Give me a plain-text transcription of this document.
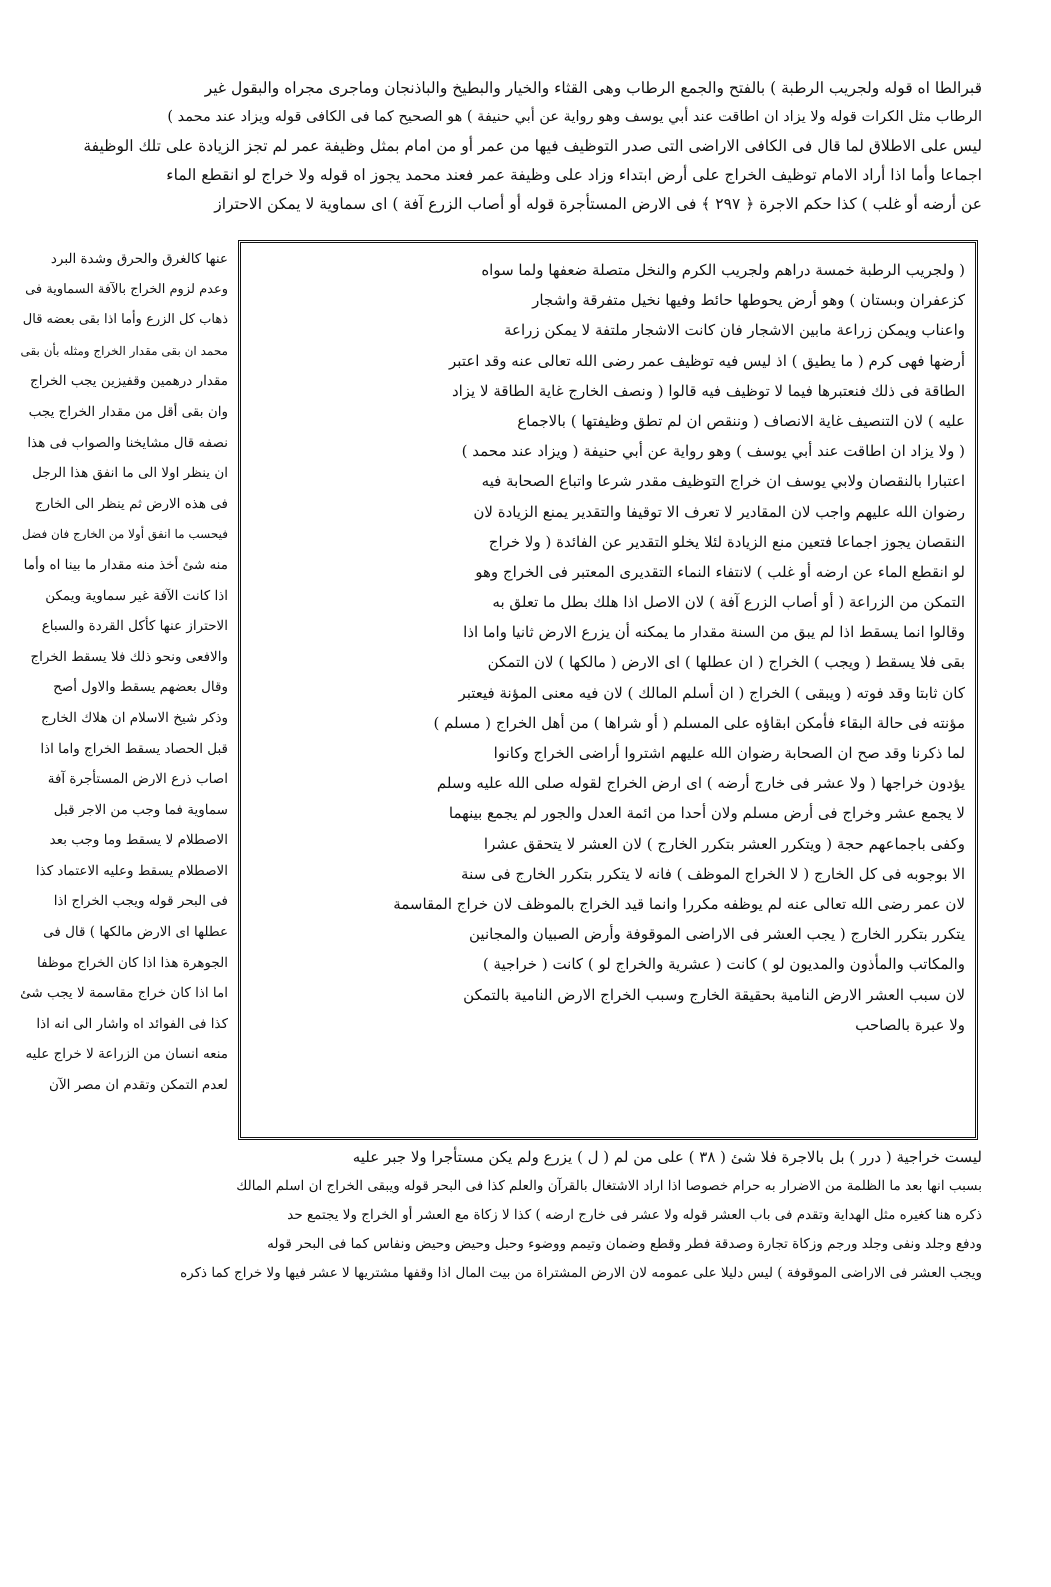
قبرالطا اه قوله ولجريب الرطبة ) بالفتح والجمع الرطاب وهى القثاء والخيار والبطيخ والباذنجان وماجرى مجراه والبقول غير
الرطاب مثل الكرات قوله ولا يزاد ان اطاقت عند أبي يوسف وهو رواية عن أبي حنيفة ) هو الصحيح كما فى الكافى قوله ويزاد عند محمد )
ليس على الاطلاق لما قال فى الكافى الاراضى التى صدر التوظيف فيها من عمر أو من امام بمثل وظيفة عمر لم تجز الزيادة على تلك الوظيفة
اجماعا وأما اذا أراد الامام توظيف الخراج على أرض ابتداء وزاد على وظيفة عمر فعند محمد يجوز اه قوله ولا خراج لو انقطع الماء
عن أرضه أو غلب ) كذا حكم الاجرة ﴿ ٢٩٧ ﴾ فى الارض المستأجرة قوله أو أصاب الزرع آفة ) اى سماوية لا يمكن الاحتراز
( ولجريب الرطبة خمسة دراهم ولجريب الكرم والنخل متصلة ضعفها ولما سواه
كزعفران وبستان ) وهو أرض يحوطها حائط وفيها نخيل متفرقة واشجار
واعناب ويمكن زراعة مابين الاشجار فان كانت الاشجار ملتفة لا يمكن زراعة
أرضها فهى كرم ( ما يطيق ) اذ ليس فيه توظيف عمر رضى الله تعالى عنه وقد اعتبر
الطاقة فى ذلك فنعتبرها فيما لا توظيف فيه قالوا ( ونصف الخارج غاية الطاقة لا يزاد
عليه ) لان التنصيف غاية الانصاف ( وننقص ان لم تطق وظيفتها ) بالاجماع
( ولا يزاد ان اطاقت عند أبي يوسف ) وهو رواية عن أبي حنيفة ( ويزاد عند محمد )
اعتبارا بالنقصان ولابي يوسف ان خراج التوظيف مقدر شرعا واتباع الصحابة فيه
رضوان الله عليهم واجب لان المقادير لا تعرف الا توقيفا والتقدير يمنع الزيادة لان
النقصان يجوز اجماعا فتعين منع الزيادة لئلا يخلو التقدير عن الفائدة ( ولا خراج
لو انقطع الماء عن ارضه أو غلب ) لانتفاء النماء التقديرى المعتبر فى الخراج وهو
التمكن من الزراعة ( أو أصاب الزرع آفة ) لان الاصل اذا هلك بطل ما تعلق به
وقالوا انما يسقط اذا لم يبق من السنة مقدار ما يمكنه أن يزرع الارض ثانيا واما اذا
بقى فلا يسقط ( ويجب ) الخراج ( ان عطلها ) اى الارض ( مالكها ) لان التمكن
كان ثابتا وقد فوته ( ويبقى ) الخراج ( ان أسلم المالك ) لان فيه معنى المؤنة فيعتبر
مؤنته فى حالة البقاء فأمكن ابقاؤه على المسلم ( أو شراها ) من أهل الخراج ( مسلم )
لما ذكرنا وقد صح ان الصحابة رضوان الله عليهم اشتروا أراضى الخراج وكانوا
يؤدون خراجها ( ولا عشر فى خارج أرضه ) اى ارض الخراج لقوله صلى الله عليه وسلم
لا يجمع عشر وخراج فى أرض مسلم ولان أحدا من ائمة العدل والجور لم يجمع بينهما
وكفى باجماعهم حجة ( ويتكرر العشر بتكرر الخارج ) لان العشر لا يتحقق عشرا
الا بوجوبه فى كل الخارج ( لا الخراج الموظف ) فانه لا يتكرر بتكرر الخارج فى سنة
لان عمر رضى الله تعالى عنه لم يوظفه مكررا وانما قيد الخراج بالموظف لان خراج المقاسمة
يتكرر بتكرر الخارج ( يجب العشر فى الاراضى الموقوفة وأرض الصبيان والمجانين
والمكاتب والمأذون والمديون لو ) كانت ( عشرية والخراج لو ) كانت ( خراجية )
لان سبب العشر الارض النامية بحقيقة الخارج وسبب الخراج الارض النامية بالتمكن
ولا عبرة بالصاحب
عنها كالغرق والحرق وشدة البرد
وعدم لزوم الخراج بالآفة السماوية فى
ذهاب كل الزرع وأما اذا بقى بعضه قال
محمد ان بقى مقدار الخراج ومثله بأن بقى
مقدار درهمين وقفيزين يجب الخراج
وان بقى أقل من مقدار الخراج يجب
نصفه قال مشايخنا والصواب فى هذا
ان ينظر اولا الى ما انفق هذا الرجل
فى هذه الارض ثم ينظر الى الخارج
فيحسب ما انفق أولا من الخارج فان فضل
منه شئ أخذ منه مقدار ما بينا اه وأما
اذا كانت الآفة غير سماوية ويمكن
الاحتراز عنها كأكل القردة والسباع
والافعى ونحو ذلك فلا يسقط الخراج
وقال بعضهم يسقط والاول أصح
وذكر شيخ الاسلام ان هلاك الخارج
قبل الحصاد يسقط الخراج واما اذا
اصاب ذرع الارض المستأجرة آفة
سماوية فما وجب من الاجر قبل
الاصطلام لا يسقط وما وجب بعد
الاصطلام يسقط وعليه الاعتماد كذا
فى البحر قوله ويجب الخراج اذا
عطلها اى الارض مالكها ) قال فى
الجوهرة هذا اذا كان الخراج موظفا
اما اذا كان خراج مقاسمة لا يجب شئ
كذا فى الفوائد اه واشار الى انه اذا
منعه انسان من الزراعة لا خراج عليه
لعدم التمكن وتقدم ان مصر الآن
ليست خراجية ( درر ) بل بالاجرة فلا شئ ( ٣٨ ) على من لم ( ل ) يزرع ولم يكن مستأجرا ولا جبر عليه
بسبب انها بعد ما الظلمة من الاضرار به حرام خصوصا اذا اراد الاشتغال بالقرآن والعلم كذا فى البحر قوله ويبقى الخراج ان اسلم المالك
ذكره هنا كغيره مثل الهداية وتقدم فى باب العشر قوله ولا عشر فى خارج ارضه ) كذا لا زكاة مع العشر أو الخراج ولا يجتمع حد
ودفع وجلد ونفى وجلد ورجم وزكاة تجارة وصدقة فطر وقطع وضمان وتيمم ووضوء وحبل وحيض وحيض ونفاس كما فى البحر قوله
ويجب العشر فى الاراضى الموقوفة ) ليس دليلا على عمومه لان الارض المشتراة من بيت المال اذا وقفها مشتريها لا عشر فيها ولا خراج كما ذكره
